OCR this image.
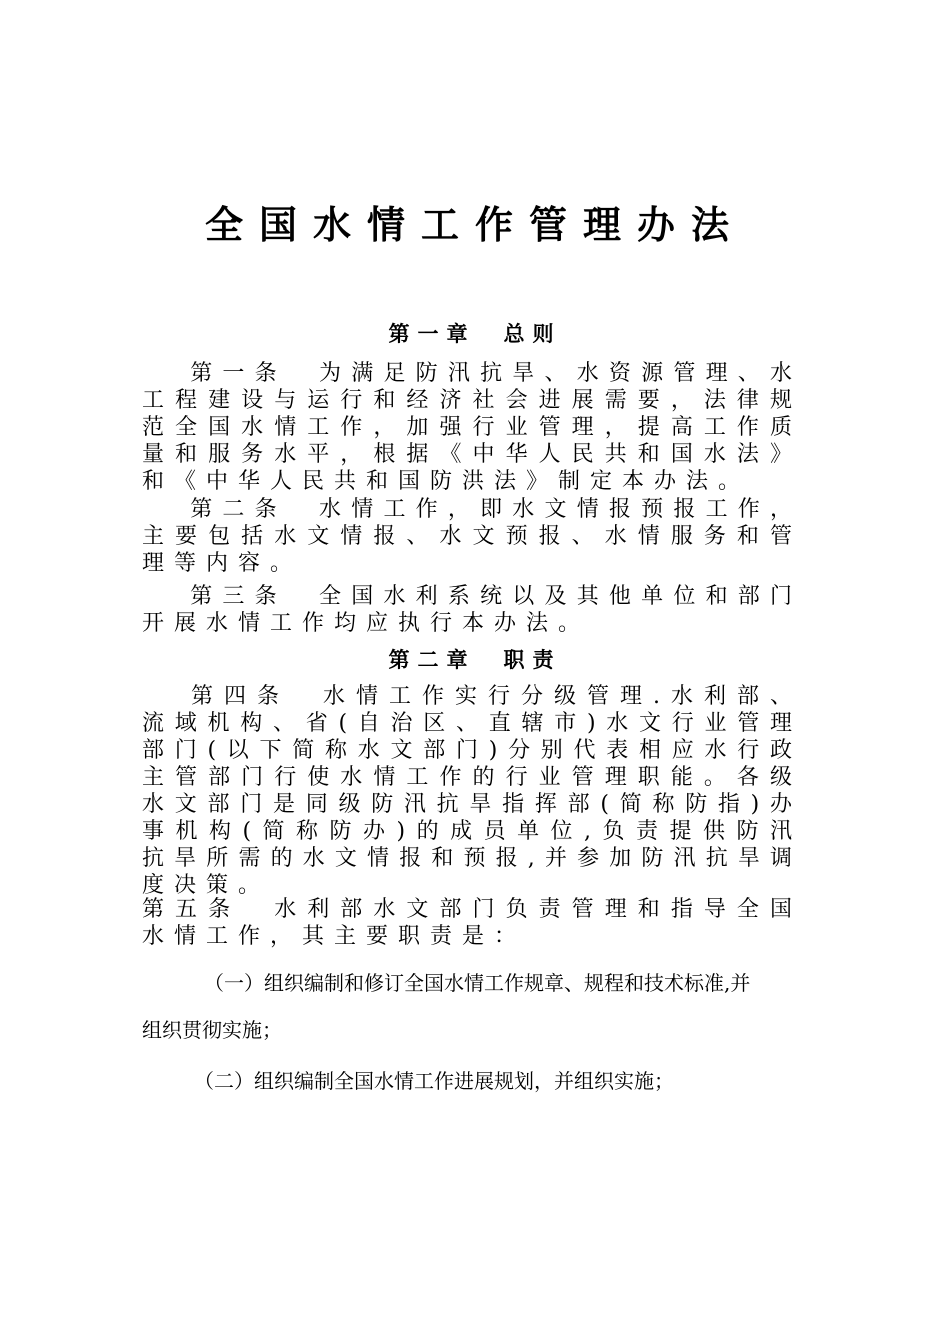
全国水情工作管理办法
第一章 总则
第一条　为满足防汛抗旱、水资源管理、水工程建设与运行和经济社会进展需要，法律规范全国水情工作，加强行业管理，提高工作质量和服务水平，根据《中华人民共和国水法》和《中华人民共和国防洪法》制定本办法。
第二条　水情工作，即水文情报预报工作，主要包括水文情报、水文预报、水情服务和管理等内容。
第三条　全国水利系统以及其他单位和部门开展水情工作均应执行本办法。
第二章 职责
第四条　水情工作实行分级管理.水利部、流域机构、省(自治区、直辖市)水文行业管理部门(以下简称水文部门)分别代表相应水行政主管部门行使水情工作的行业管理职能。各级水文部门是同级防汛抗旱指挥部(简称防指)办事机构(简称防办)的成员单位,负责提供防汛抗旱所需的水文情报和预报,并参加防汛抗旱调度决策。
第五条　水利部水文部门负责管理和指导全国水情工作，其主要职责是：
（一）组织编制和修订全国水情工作规章、规程和技术标准,并
组织贯彻实施；
（二）组织编制全国水情工作进展规划，并组织实施；
